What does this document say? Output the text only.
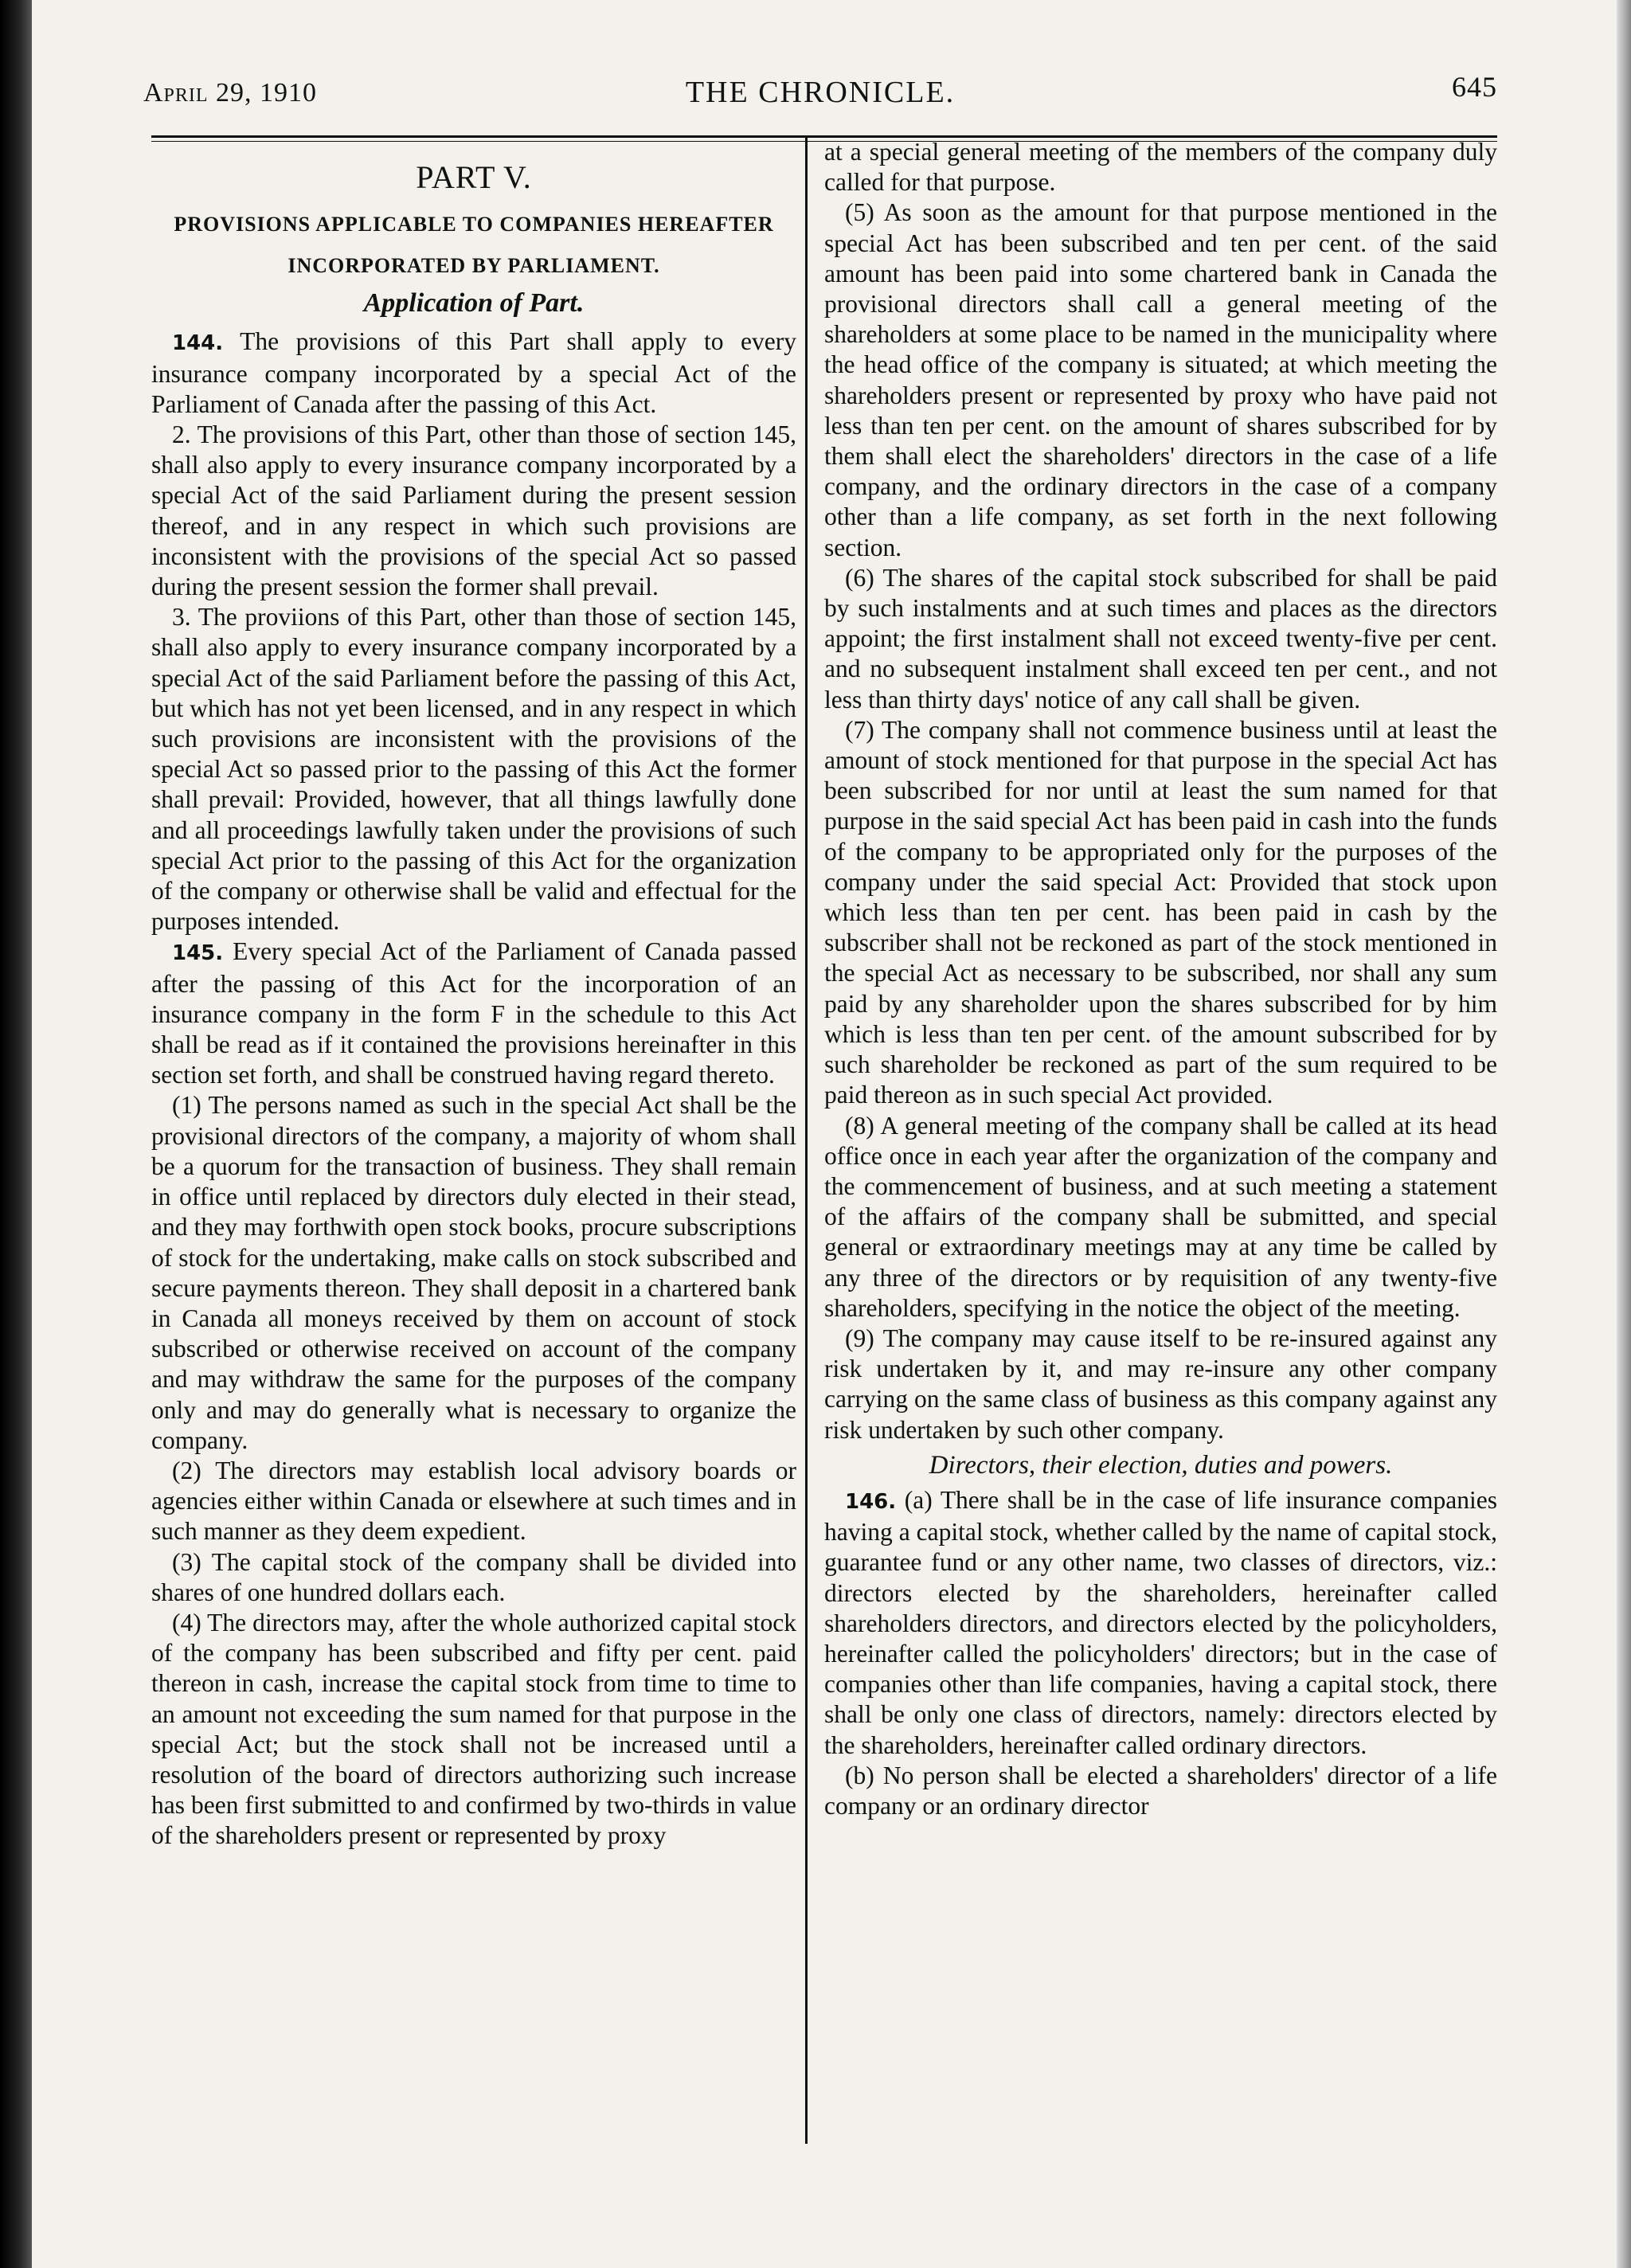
April 29, 1910	THE CHRONICLE.	645
PART V.
PROVISIONS APPLICABLE TO COMPANIES HEREAFTER
INCORPORATED BY PARLIAMENT.
Application of Part.

144. The provisions of this Part shall apply to every insurance company incorporated by a special Act of the Parliament of Canada after the passing of this Act.

2. The provisions of this Part, other than those of section 145, shall also apply to every insurance company incorporated by a special Act of the said Parliament during the present session thereof, and in any respect in which such provisions are inconsistent with the provisions of the special Act so passed during the present session the former shall prevail.

3. The proviions of this Part, other than those of section 145, shall also apply to every insurance company incorporated by a special Act of the said Parliament before the passing of this Act, but which has not yet been licensed, and in any respect in which such provisions are inconsistent with the provisions of the special Act so passed prior to the passing of this Act the former shall prevail: Provided, however, that all things lawfully done and all proceedings lawfully taken under the provisions of such special Act prior to the passing of this Act for the organization of the company or otherwise shall be valid and effectual for the purposes intended.

145. Every special Act of the Parliament of Canada passed after the passing of this Act for the incorporation of an insurance company in the form F in the schedule to this Act shall be read as if it contained the provisions hereinafter in this section set forth, and shall be construed having regard thereto.

(1) The persons named as such in the special Act shall be the provisional directors of the company, a majority of whom shall be a quorum for the transaction of business. They shall remain in office until replaced by directors duly elected in their stead, and they may forthwith open stock books, procure subscriptions of stock for the undertaking, make calls on stock subscribed and secure payments thereon. They shall deposit in a chartered bank in Canada all moneys received by them on account of stock subscribed or otherwise received on account of the company and may withdraw the same for the purposes of the company only and may do generally what is necessary to organize the company.

(2) The directors may establish local advisory boards or agencies either within Canada or elsewhere at such times and in such manner as they deem expedient.

(3) The capital stock of the company shall be divided into shares of one hundred dollars each.

(4) The directors may, after the whole authorized capital stock of the company has been subscribed and fifty per cent. paid thereon in cash, increase the capital stock from time to time to an amount not exceeding the sum named for that purpose in the special Act; but the stock shall not be increased until a resolution of the board of directors authorizing such increase has been first submitted to and confirmed by two-thirds in value of the shareholders present or represented by proxy

at a special general meeting of the members of the company duly called for that purpose.

(5) As soon as the amount for that purpose mentioned in the special Act has been subscribed and ten per cent. of the said amount has been paid into some chartered bank in Canada the provisional directors shall call a general meeting of the shareholders at some place to be named in the municipality where the head office of the company is situated; at which meeting the shareholders present or represented by proxy who have paid not less than ten per cent. on the amount of shares subscribed for by them shall elect the shareholders' directors in the case of a life company, and the ordinary directors in the case of a company other than a life company, as set forth in the next following section.

(6) The shares of the capital stock subscribed for shall be paid by such instalments and at such times and places as the directors appoint; the first instalment shall not exceed twenty-five per cent. and no subsequent instalment shall exceed ten per cent., and not less than thirty days' notice of any call shall be given.

(7) The company shall not commence business until at least the amount of stock mentioned for that purpose in the special Act has been subscribed for nor until at least the sum named for that purpose in the said special Act has been paid in cash into the funds of the company to be appropriated only for the purposes of the company under the said special Act: Provided that stock upon which less than ten per cent. has been paid in cash by the subscriber shall not be reckoned as part of the stock mentioned in the special Act as necessary to be subscribed, nor shall any sum paid by any shareholder upon the shares subscribed for by him which is less than ten per cent. of the amount subscribed for by such shareholder be reckoned as part of the sum required to be paid thereon as in such special Act provided.

(8) A general meeting of the company shall be called at its head office once in each year after the organization of the company and the commencement of business, and at such meeting a statement of the affairs of the company shall be submitted, and special general or extraordinary meetings may at any time be called by any three of the directors or by requisition of any twenty-five shareholders, specifying in the notice the object of the meeting.

(9) The company may cause itself to be re-insured against any risk undertaken by it, and may re-insure any other company carrying on the same class of business as this company against any risk undertaken by such other company.

Directors, their election, duties and powers.

146. (a) There shall be in the case of life insurance companies having a capital stock, whether called by the name of capital stock, guarantee fund or any other name, two classes of directors, viz.: directors elected by the shareholders, hereinafter called shareholders directors, and directors elected by the policyholders, hereinafter called the policyholders' directors; but in the case of companies other than life companies, having a capital stock, there shall be only one class of directors, namely: directors elected by the shareholders, hereinafter called ordinary directors.

(b) No person shall be elected a shareholders' director of a life company or an ordinary director
